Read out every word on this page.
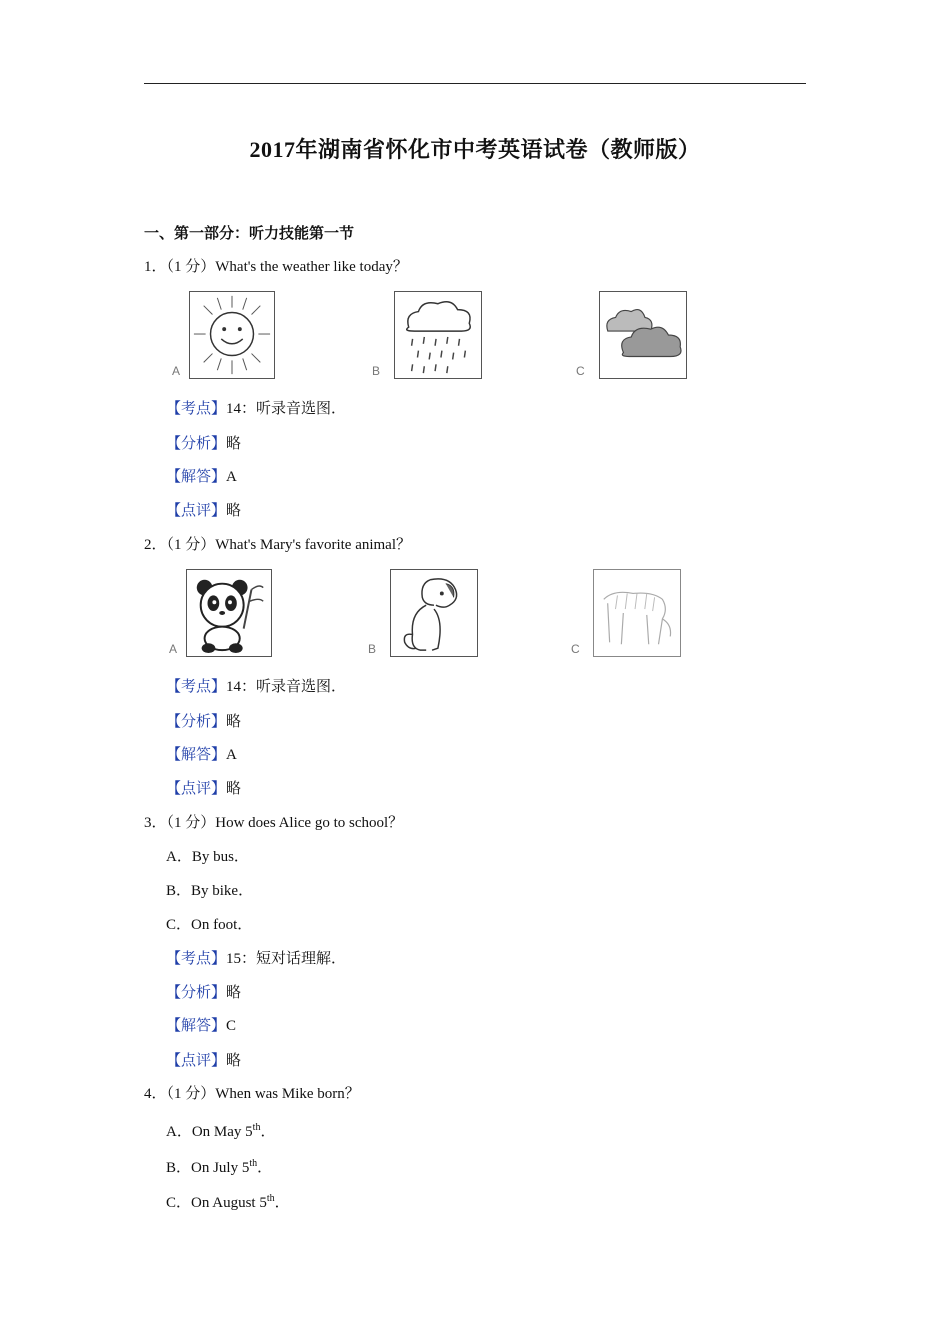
2017年湖南省怀化市中考英语试卷（教师版）
一、第一部分：听力技能第一节
1．（1 分）What's the weather like today？
A	B	C
【考点】14：听录音选图．
【分析】略
【解答】A
【点评】略
2．（1 分）What's Mary's favorite animal？
A	B	C
【考点】14：听录音选图．
【分析】略
【解答】A
【点评】略
3．（1 分）How does Alice go to school？
A．By bus．
B．By bike．
C．On foot．
【考点】15：短对话理解．
【分析】略
【解答】C
【点评】略
4．（1 分）When was Mike born？
A．On May 5th．
B．On July 5th．
C．On August 5th．
